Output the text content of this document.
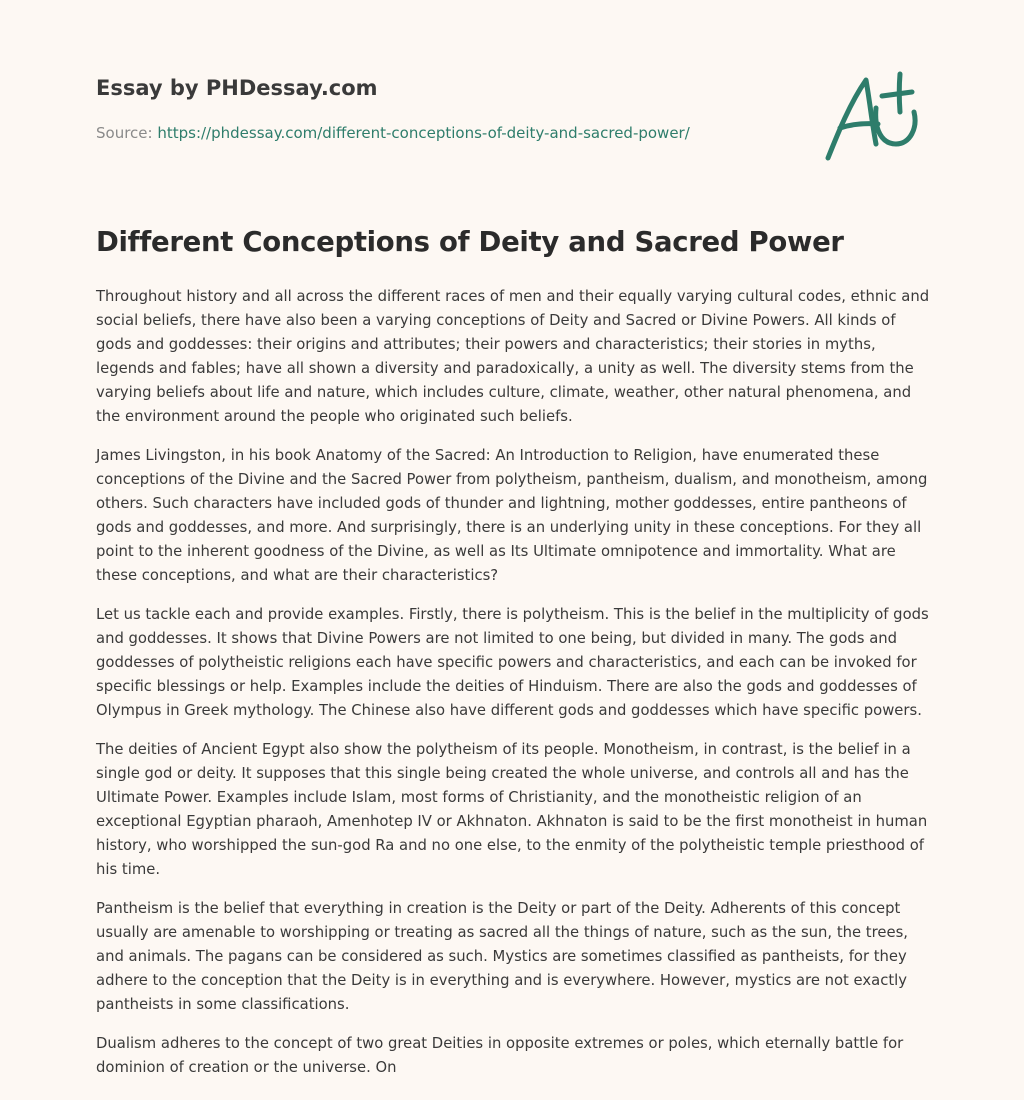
Essay by PHDessay.com
Source: https://phdessay.com/different-conceptions-of-deity-and-sacred-power/
Different Conceptions of Deity and Sacred Power

Throughout history and all across the different races of men and their equally varying cultural codes, ethnic and social beliefs, there have also been a varying conceptions of Deity and Sacred or Divine Powers. All kinds of gods and goddesses: their origins and attributes; their powers and characteristics; their stories in myths, legends and fables; have all shown a diversity and paradoxically, a unity as well. The diversity stems from the varying beliefs about life and nature, which includes culture, climate, weather, other natural phenomena, and the environment around the people who originated such beliefs.

James Livingston, in his book Anatomy of the Sacred: An Introduction to Religion, have enumerated these conceptions of the Divine and the Sacred Power from polytheism, pantheism, dualism, and monotheism, among others. Such characters have included gods of thunder and lightning, mother goddesses, entire pantheons of gods and goddesses, and more. And surprisingly, there is an underlying unity in these conceptions. For they all point to the inherent goodness of the Divine, as well as Its Ultimate omnipotence and immortality. What are these conceptions, and what are their characteristics?

Let us tackle each and provide examples. Firstly, there is polytheism. This is the belief in the multiplicity of gods and goddesses. It shows that Divine Powers are not limited to one being, but divided in many. The gods and goddesses of polytheistic religions each have specific powers and characteristics, and each can be invoked for specific blessings or help. Examples include the deities of Hinduism. There are also the gods and goddesses of Olympus in Greek mythology. The Chinese also have different gods and goddesses which have specific powers.

The deities of Ancient Egypt also show the polytheism of its people. Monotheism, in contrast, is the belief in a single god or deity. It supposes that this single being created the whole universe, and controls all and has the Ultimate Power. Examples include Islam, most forms of Christianity, and the monotheistic religion of an exceptional Egyptian pharaoh, Amenhotep IV or Akhnaton. Akhnaton is said to be the first monotheist in human history, who worshipped the sun-god Ra and no one else, to the enmity of the polytheistic temple priesthood of his time.

Pantheism is the belief that everything in creation is the Deity or part of the Deity. Adherents of this concept usually are amenable to worshipping or treating as sacred all the things of nature, such as the sun, the trees, and animals. The pagans can be considered as such. Mystics are sometimes classified as pantheists, for they adhere to the conception that the Deity is in everything and is everywhere. However, mystics are not exactly pantheists in some classifications.

Dualism adheres to the concept of two great Deities in opposite extremes or poles, which eternally battle for dominion of creation or the universe. On
